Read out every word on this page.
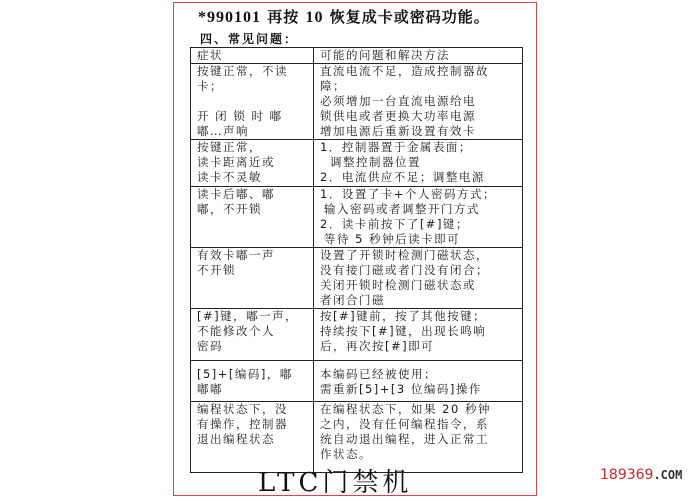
*990101 再按 10 恢复成卡或密码功能。
四、常见问题：
症状	可能的问题和解决方法

按键正常，不读
卡；
开 闭 锁 时 嘟
嘟…声响	直流电流不足，造成控制器故
障；
必须增加一台直流电源给电
锁供电或者更换大功率电源
增加电源后重新设置有效卡

按键正常，
读卡距离近或
读卡不灵敏	1．控制器置于金属表面；
调整控制器位置
2．电流供应不足；调整电源

读卡后嘟、嘟
嘟，不开锁	1．设置了卡+个人密码方式；
输入密码或者调整开门方式
2．读卡前按下了[#]键；
等待 5 秒钟后读卡即可

有效卡嘟一声
不开锁	设置了开锁时检测门磁状态，
没有接门磁或者门没有闭合；
关闭开锁时检测门磁状态或
者闭合门磁

[#]键，嘟一声，
不能修改个人
密码	按[#]键前，按了其他按键；
持续按下[#]键，出现长鸣响
后，再次按[#]即可

[5]+[编码]，嘟
嘟嘟	本编码已经被使用；
需重新[5]+[3 位编码]操作

编程状态下，没
有操作，控制器
退出编程状态	在编程状态下，如果 20 秒钟
之内，没有任何编程指令，系
统自动退出编程，进入正常工
作状态。
LTC门禁机	189369.COM
